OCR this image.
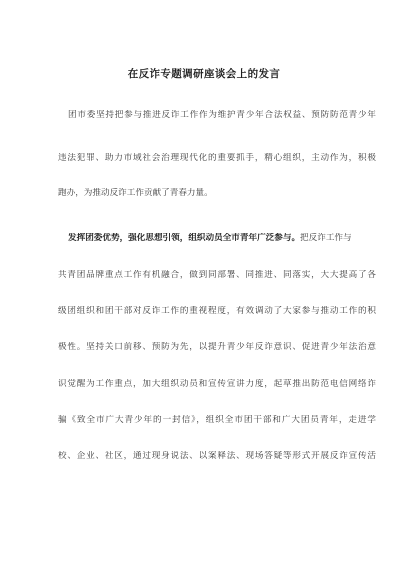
在反诈专题调研座谈会上的发言
团市委坚持把参与推进反诈工作作为维护青少年合法权益、预防防范青少年
违法犯罪、助力市域社会治理现代化的重要抓手，精心组织，主动作为，积极
跑办，为推动反诈工作贡献了青春力量。
发挥团委优势，强化思想引领，组织动员全市青年广泛参与。把反诈工作与
共青团品牌重点工作有机融合，做到同部署、同推进、同落实，大大提高了各
级团组织和团干部对反诈工作的重视程度，有效调动了大家参与推动工作的积
极性。坚持关口前移、预防为先，以提升青少年反诈意识、促进青少年法治意
识觉醒为工作重点，加大组织动员和宣传宣讲力度，起草推出防范电信网络诈
骗《致全市广大青少年的一封信》，组织全市团干部和广大团员青年，走进学
校、企业、社区，通过现身说法、以案释法、现场答疑等形式开展反诈宣传活
